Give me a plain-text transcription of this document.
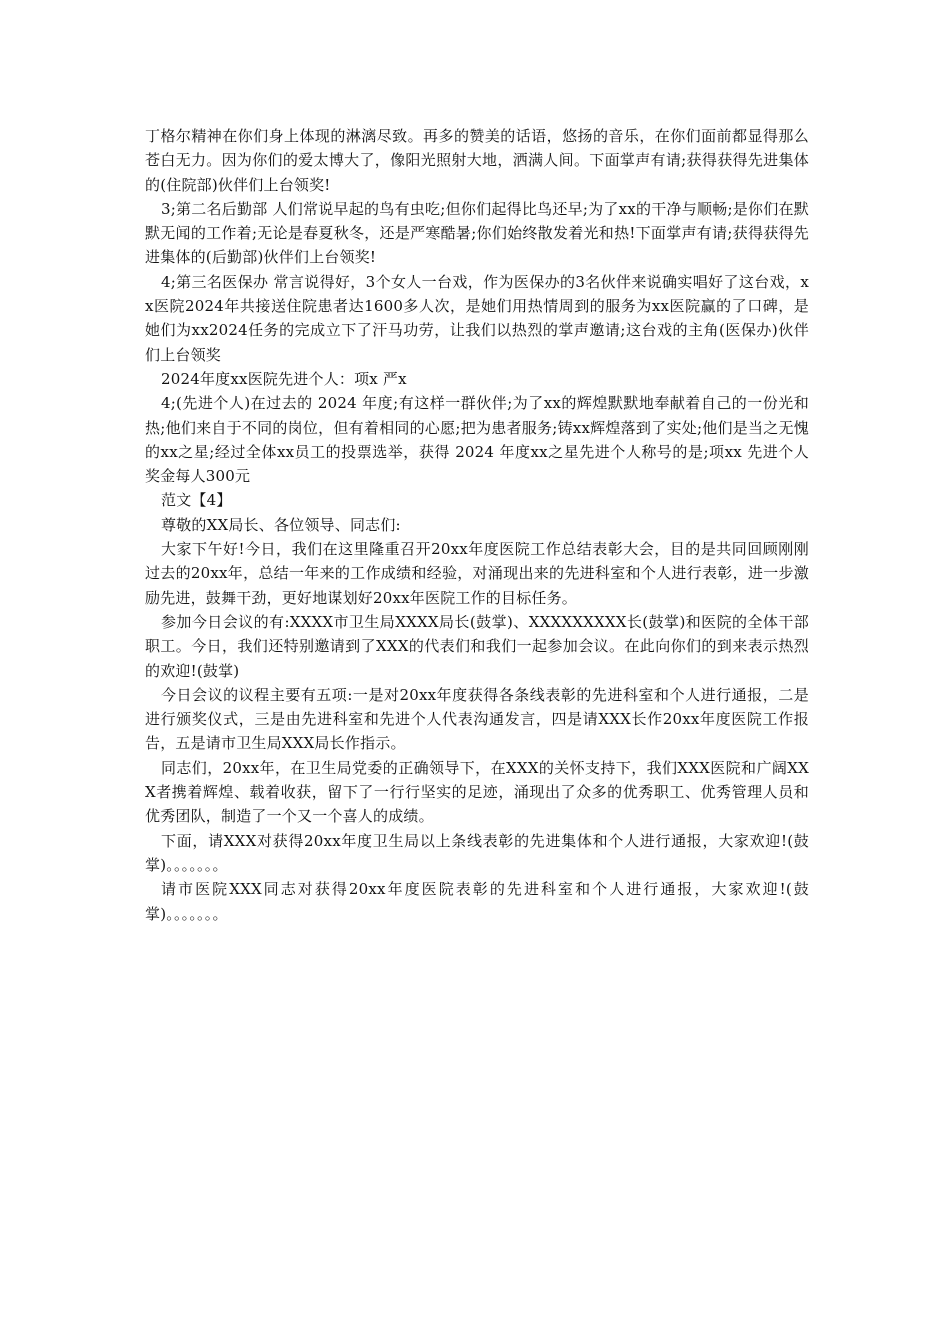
丁格尔精神在你们身上体现的淋漓尽致。再多的赞美的话语，悠扬的音乐，在你们面前都显得那么苍白无力。因为你们的爱太博大了，像阳光照射大地，洒满人间。下面掌声有请;获得获得先进集体的(住院部)伙伴们上台领奖!

3;第二名后勤部 人们常说早起的鸟有虫吃;但你们起得比鸟还早;为了xx的干净与顺畅;是你们在默默无闻的工作着;无论是春夏秋冬，还是严寒酷暑;你们始终散发着光和热!下面掌声有请;获得获得先进集体的(后勤部)伙伴们上台领奖!

4;第三名医保办 常言说得好，3个女人一台戏，作为医保办的3名伙伴来说确实唱好了这台戏，xx医院2024年共接送住院患者达1600多人次，是她们用热情周到的服务为xx医院赢的了口碑，是她们为xx2024任务的完成立下了汗马功劳，让我们以热烈的掌声邀请;这台戏的主角(医保办)伙伴们上台领奖

2024年度xx医院先进个人：项x 严x

4;(先进个人)在过去的 2024 年度;有这样一群伙伴;为了xx的辉煌默默地奉献着自己的一份光和热;他们来自于不同的岗位，但有着相同的心愿;把为患者服务;铸xx辉煌落到了实处;他们是当之无愧的xx之星;经过全体xx员工的投票选举，获得 2024 年度xx之星先进个人称号的是;项xx 先进个人奖金每人300元

范文【4】

尊敬的XX局长、各位领导、同志们:

大家下午好!今日，我们在这里隆重召开20xx年度医院工作总结表彰大会，目的是共同回顾刚刚过去的20xx年，总结一年来的工作成绩和经验，对涌现出来的先进科室和个人进行表彰，进一步激励先进，鼓舞干劲，更好地谋划好20xx年医院工作的目标任务。

参加今日会议的有:XXXX市卫生局XXXX局长(鼓掌)、XXXXXXXXX长(鼓掌)和医院的全体干部职工。今日，我们还特别邀请到了XXX的代表们和我们一起参加会议。在此向你们的到来表示热烈的欢迎!(鼓掌)

今日会议的议程主要有五项:一是对20xx年度获得各条线表彰的先进科室和个人进行通报，二是进行颁奖仪式，三是由先进科室和先进个人代表沟通发言，四是请XXX长作20xx年度医院工作报告，五是请市卫生局XXX局长作指示。

同志们，20xx年，在卫生局党委的正确领导下，在XXX的关怀支持下，我们XXX医院和广阔XXX者携着辉煌、载着收获，留下了一行行坚实的足迹，涌现出了众多的优秀职工、优秀管理人员和优秀团队，制造了一个又一个喜人的成绩。

下面，请XXX对获得20xx年度卫生局以上条线表彰的先进集体和个人进行通报，大家欢迎!(鼓掌)。。。。。。。

请市医院XXX同志对获得20xx年度医院表彰的先进科室和个人进行通报，大家欢迎!(鼓掌)。。。。。。。
